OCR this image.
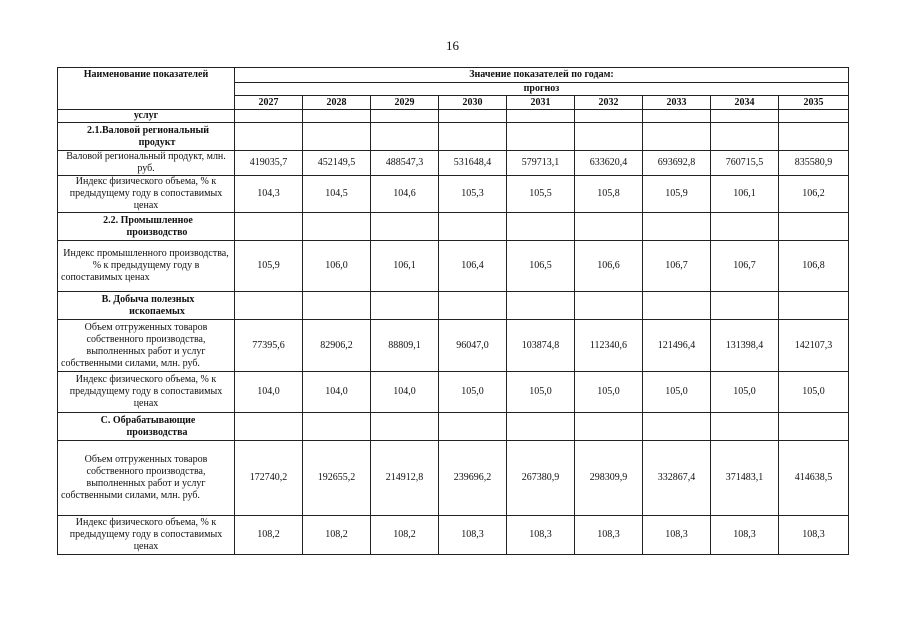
16
Наименование показателей	Значение показателей по годам:								
	прогноз								
	2027	2028	2029	2030	2031	2032	2033	2034	2035
услуг									

2.1.Валовой региональный
продукт									

Валовой региональный продукт, млн. руб.	419035,7	452149,5	488547,3	531648,4	579713,1	633620,4	693692,8	760715,5	835580,9
Индекс физического объема, % к предыдущему году в сопоставимых ценах	104,3	104,5	104,6	105,3	105,5	105,8	105,9	106,1	106,2

2.2. Промышленное
производство									

Индекс промышленного производства, % к предыдущему году в сопоставимых ценах	105,9	106,0	106,1	106,4	106,5	106,6	106,7	106,7	106,8

В. Добыча полезных
ископаемых									

Объем отгруженных товаров собственного производства, выполненных работ и услуг собственными силами, млн. руб.	77395,6	82906,2	88809,1	96047,0	103874,8	112340,6	121496,4	131398,4	142107,3
Индекс физического объема, % к предыдущему году в сопоставимых ценах	104,0	104,0	104,0	105,0	105,0	105,0	105,0	105,0	105,0

С. Обрабатывающие
производства									

Объем отгруженных товаров собственного производства, выполненных работ и услуг собственными силами, млн. руб.	172740,2	192655,2	214912,8	239696,2	267380,9	298309,9	332867,4	371483,1	414638,5
Индекс физического объема, % к предыдущему году в сопоставимых ценах	108,2	108,2	108,2	108,3	108,3	108,3	108,3	108,3	108,3
